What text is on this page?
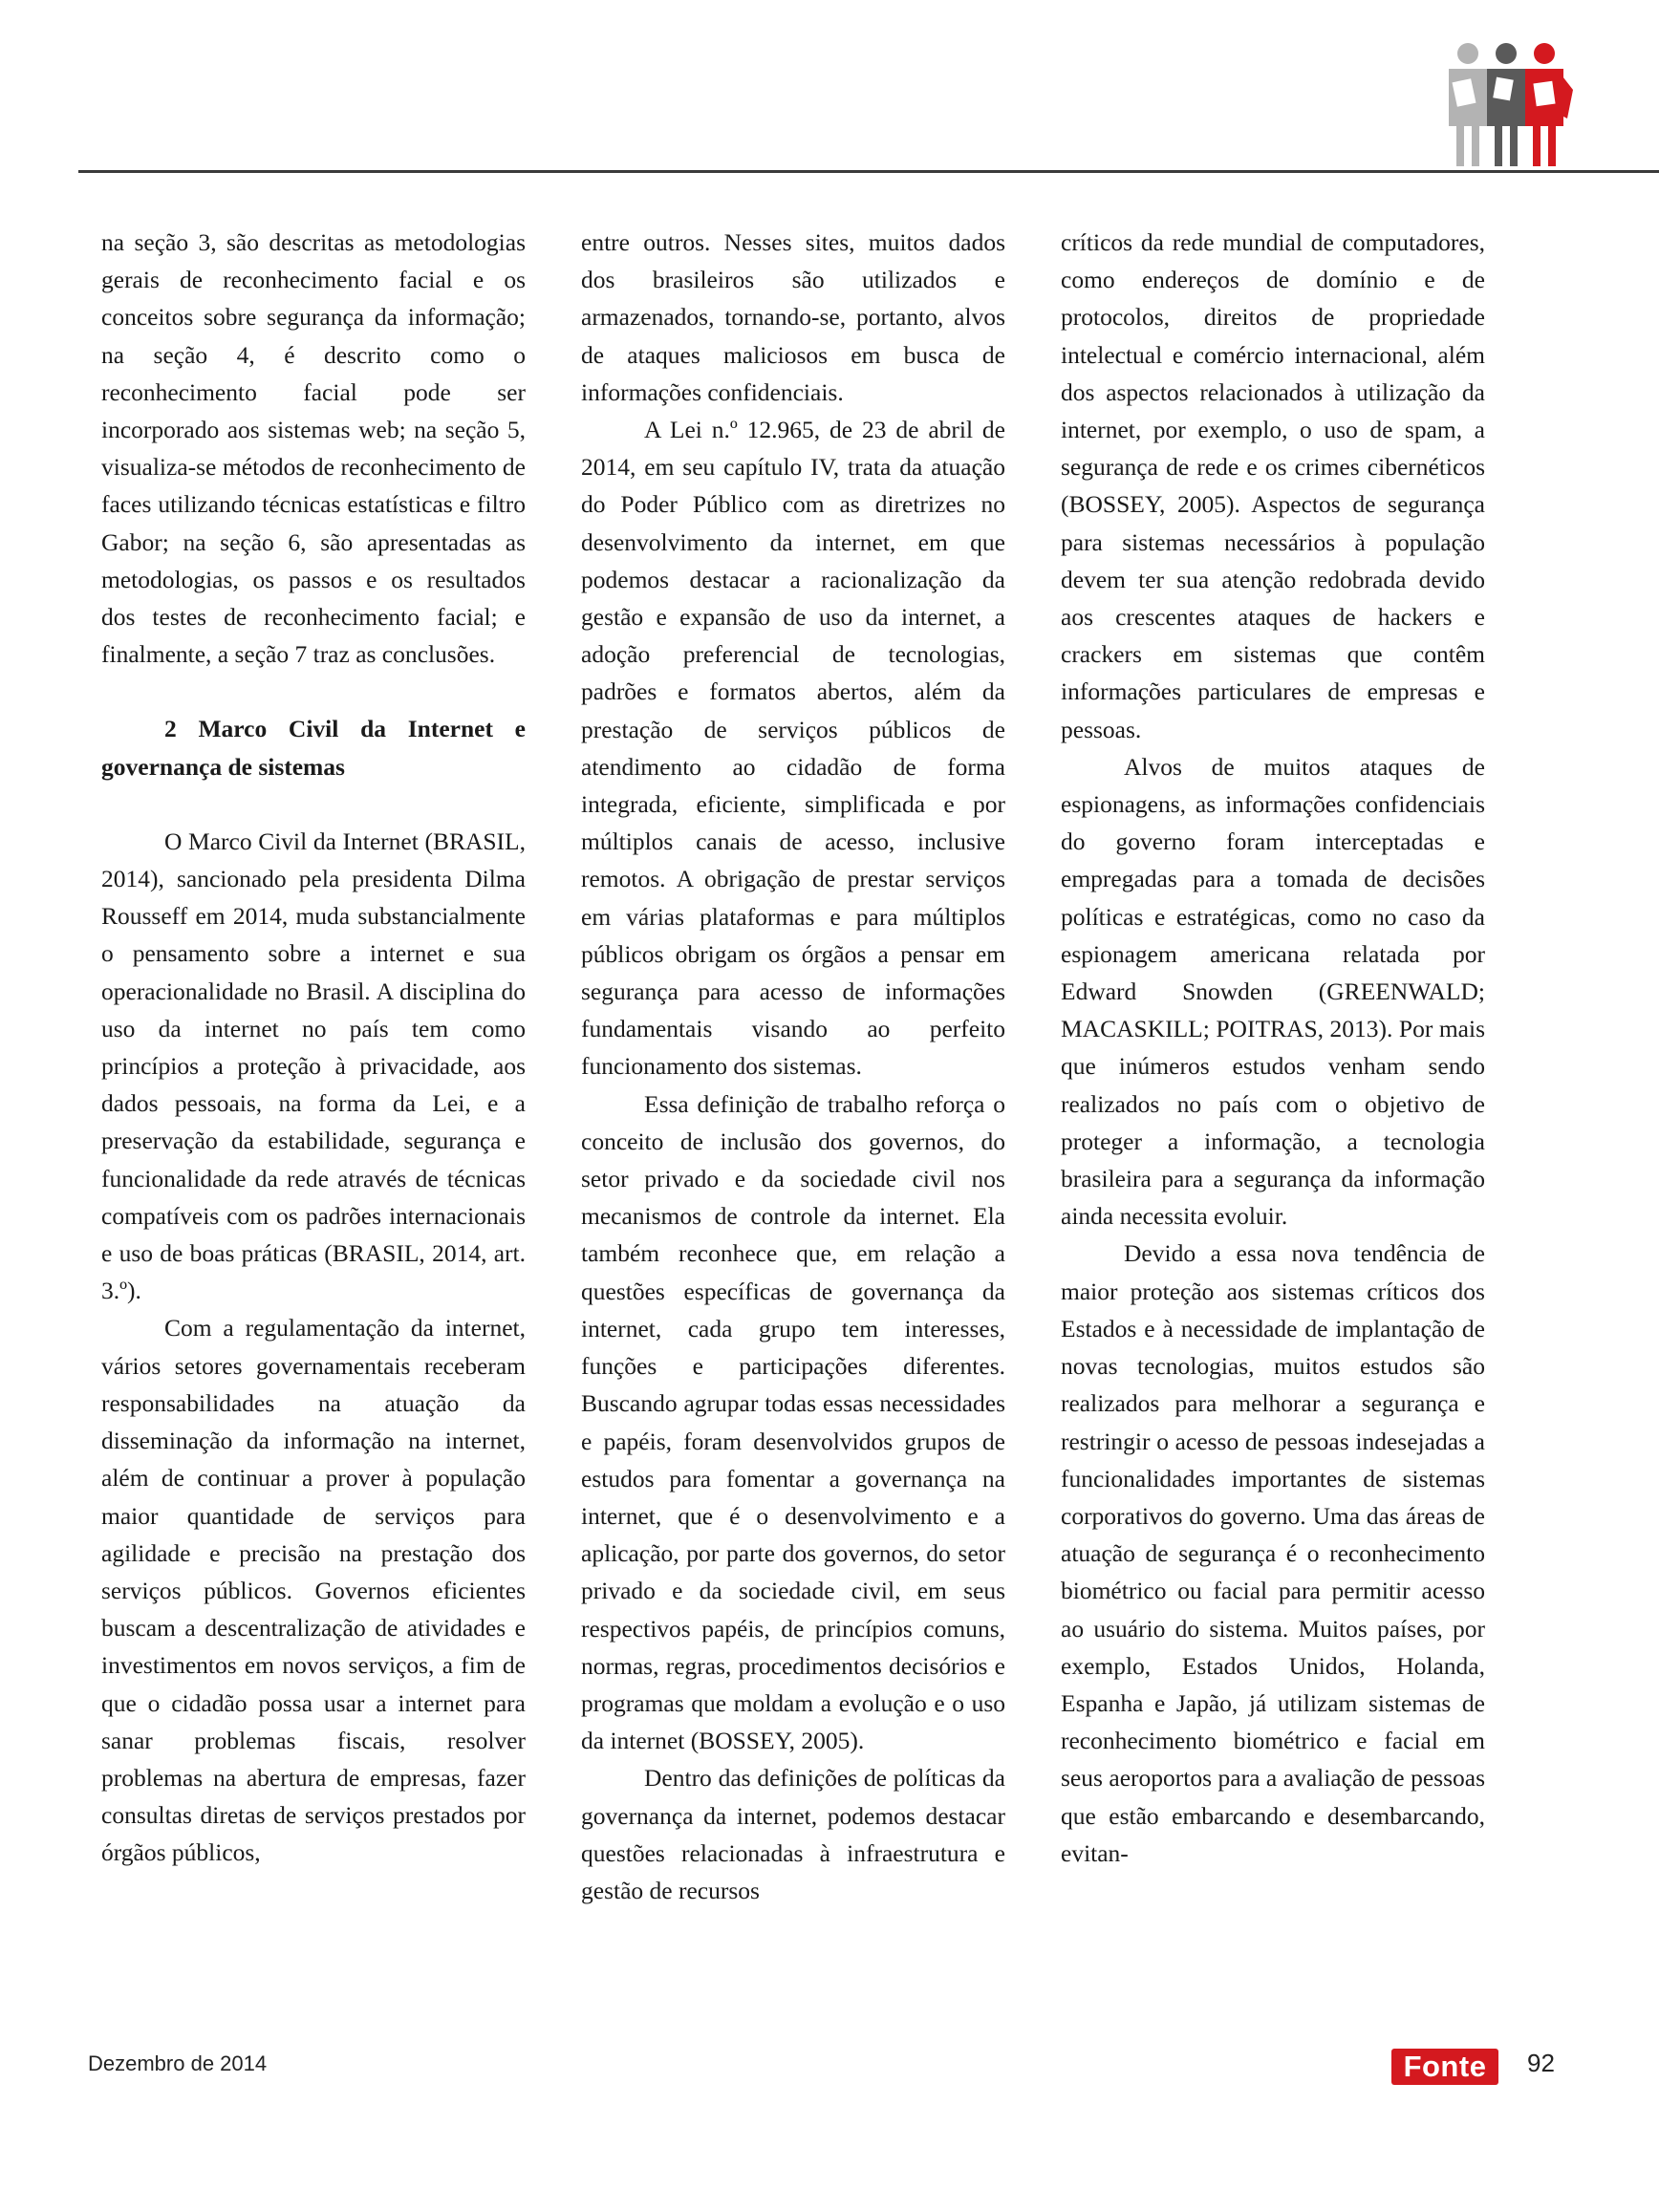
na seção 3, são descritas as metodologias gerais de reconhecimento facial e os conceitos sobre segurança da informação; na seção 4, é descrito como o reconhecimento facial pode ser incorporado aos sistemas web; na seção 5, visualiza-se métodos de reconhecimento de faces utilizando técnicas estatísticas e filtro Gabor; na seção 6, são apresentadas as metodologias, os passos e os resultados dos testes de reconhecimento facial; e finalmente, a seção 7 traz as conclusões.

2 Marco Civil da Internet e governança de sistemas

O Marco Civil da Internet (BRASIL, 2014), sancionado pela presidenta Dilma Rousseff em 2014, muda substancialmente o pensamento sobre a internet e sua operacionalidade no Brasil. A disciplina do uso da internet no país tem como princípios a proteção à privacidade, aos dados pessoais, na forma da Lei, e a preservação da estabilidade, segurança e funcionalidade da rede através de técnicas compatíveis com os padrões internacionais e uso de boas práticas (BRASIL, 2014, art. 3.º).

Com a regulamentação da internet, vários setores governamentais receberam responsabilidades na atuação da disseminação da informação na internet, além de continuar a prover à população maior quantidade de serviços para agilidade e precisão na prestação dos serviços públicos. Governos eficientes buscam a descentralização de atividades e investimentos em novos serviços, a fim de que o cidadão possa usar a internet para sanar problemas fiscais, resolver problemas na abertura de empresas, fazer consultas diretas de serviços prestados por órgãos públicos,

entre outros. Nesses sites, muitos dados dos brasileiros são utilizados e armazenados, tornando-se, portanto, alvos de ataques maliciosos em busca de informações confidenciais.

A Lei n.º 12.965, de 23 de abril de 2014, em seu capítulo IV, trata da atuação do Poder Público com as diretrizes no desenvolvimento da internet, em que podemos destacar a racionalização da gestão e expansão de uso da internet, a adoção preferencial de tecnologias, padrões e formatos abertos, além da prestação de serviços públicos de atendimento ao cidadão de forma integrada, eficiente, simplificada e por múltiplos canais de acesso, inclusive remotos. A obrigação de prestar serviços em várias plataformas e para múltiplos públicos obrigam os órgãos a pensar em segurança para acesso de informações fundamentais visando ao perfeito funcionamento dos sistemas.

Essa definição de trabalho reforça o conceito de inclusão dos governos, do setor privado e da sociedade civil nos mecanismos de controle da internet. Ela também reconhece que, em relação a questões específicas de governança da internet, cada grupo tem interesses, funções e participações diferentes. Buscando agrupar todas essas necessidades e papéis, foram desenvolvidos grupos de estudos para fomentar a governança na internet, que é o desenvolvimento e a aplicação, por parte dos governos, do setor privado e da sociedade civil, em seus respectivos papéis, de princípios comuns, normas, regras, procedimentos decisórios e programas que moldam a evolução e o uso da internet (BOSSEY, 2005).

Dentro das definições de políticas da governança da internet, podemos destacar questões relacionadas à infraestrutura e gestão de recursos

críticos da rede mundial de computadores, como endereços de domínio e de protocolos, direitos de propriedade intelectual e comércio internacional, além dos aspectos relacionados à utilização da internet, por exemplo, o uso de spam, a segurança de rede e os crimes cibernéticos (BOSSEY, 2005). Aspectos de segurança para sistemas necessários à população devem ter sua atenção redobrada devido aos crescentes ataques de hackers e crackers em sistemas que contêm informações particulares de empresas e pessoas.

Alvos de muitos ataques de espionagens, as informações confidenciais do governo foram interceptadas e empregadas para a tomada de decisões políticas e estratégicas, como no caso da espionagem americana relatada por Edward Snowden (GREENWALD; MACASKILL; POITRAS, 2013). Por mais que inúmeros estudos venham sendo realizados no país com o objetivo de proteger a informação, a tecnologia brasileira para a segurança da informação ainda necessita evoluir.

Devido a essa nova tendência de maior proteção aos sistemas críticos dos Estados e à necessidade de implantação de novas tecnologias, muitos estudos são realizados para melhorar a segurança e restringir o acesso de pessoas indesejadas a funcionalidades importantes de sistemas corporativos do governo. Uma das áreas de atuação de segurança é o reconhecimento biométrico ou facial para permitir acesso ao usuário do sistema. Muitos países, por exemplo, Estados Unidos, Holanda, Espanha e Japão, já utilizam sistemas de reconhecimento biométrico e facial em seus aeroportos para a avaliação de pessoas que estão embarcando e desembarcando, evitan-

Dezembro de 2014	Fonte	92
